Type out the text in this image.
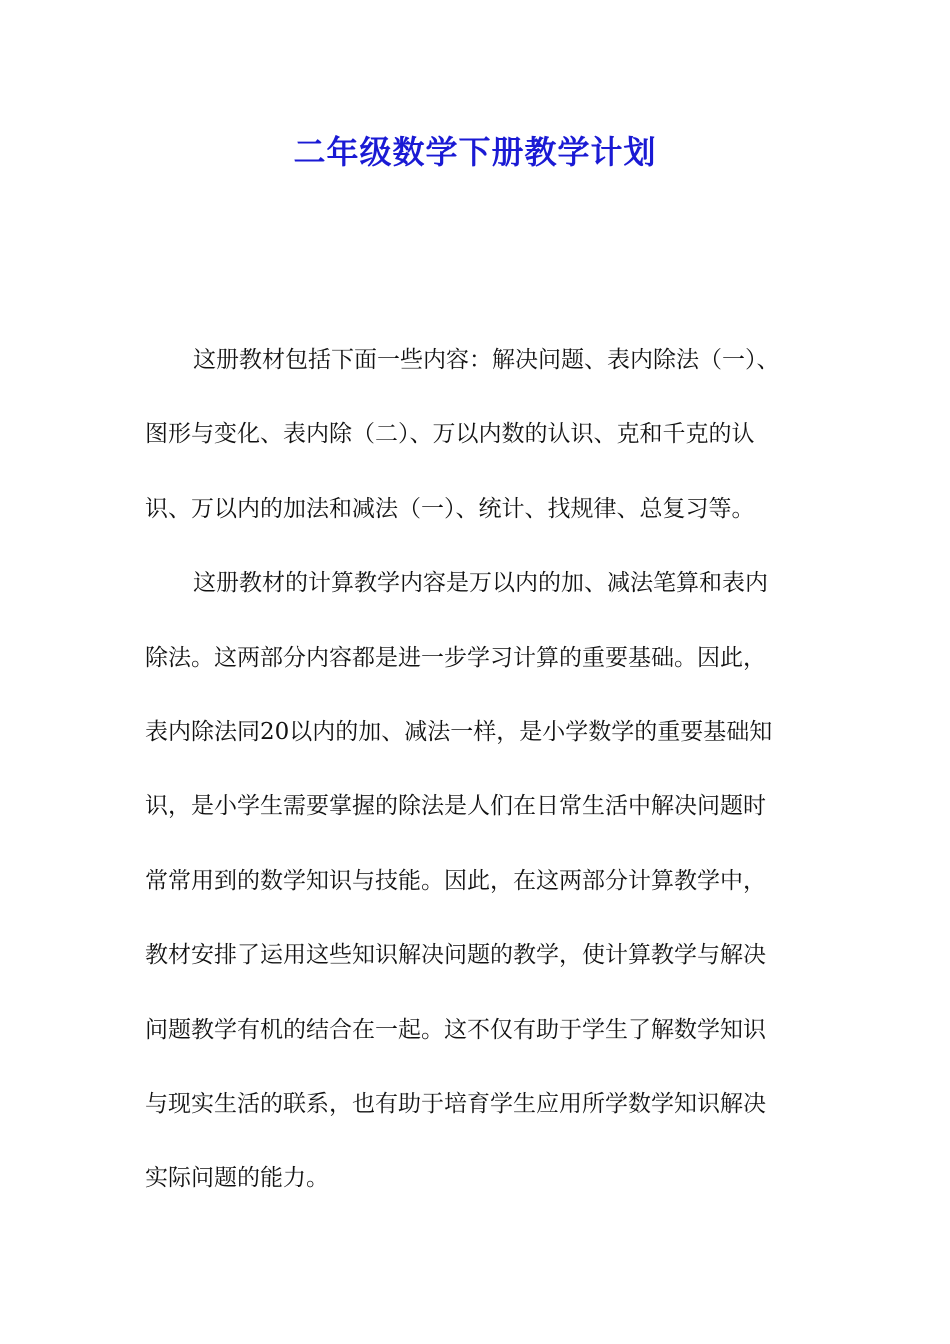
二年级数学下册教学计划
这册教材包括下面一些内容：解决问题、表内除法（一）、
图形与变化、表内除（二）、万以内数的认识、克和千克的认
识、万以内的加法和减法（一）、统计、找规律、总复习等。
这册教材的计算教学内容是万以内的加、减法笔算和表内
除法。这两部分内容都是进一步学习计算的重要基础。因此，
表内除法同20以内的加、减法一样，是小学数学的重要基础知
识，是小学生需要掌握的除法是人们在日常生活中解决问题时
常常用到的数学知识与技能。因此，在这两部分计算教学中，
教材安排了运用这些知识解决问题的教学，使计算教学与解决
问题教学有机的结合在一起。这不仅有助于学生了解数学知识
与现实生活的联系，也有助于培育学生应用所学数学知识解决
实际问题的能力。
